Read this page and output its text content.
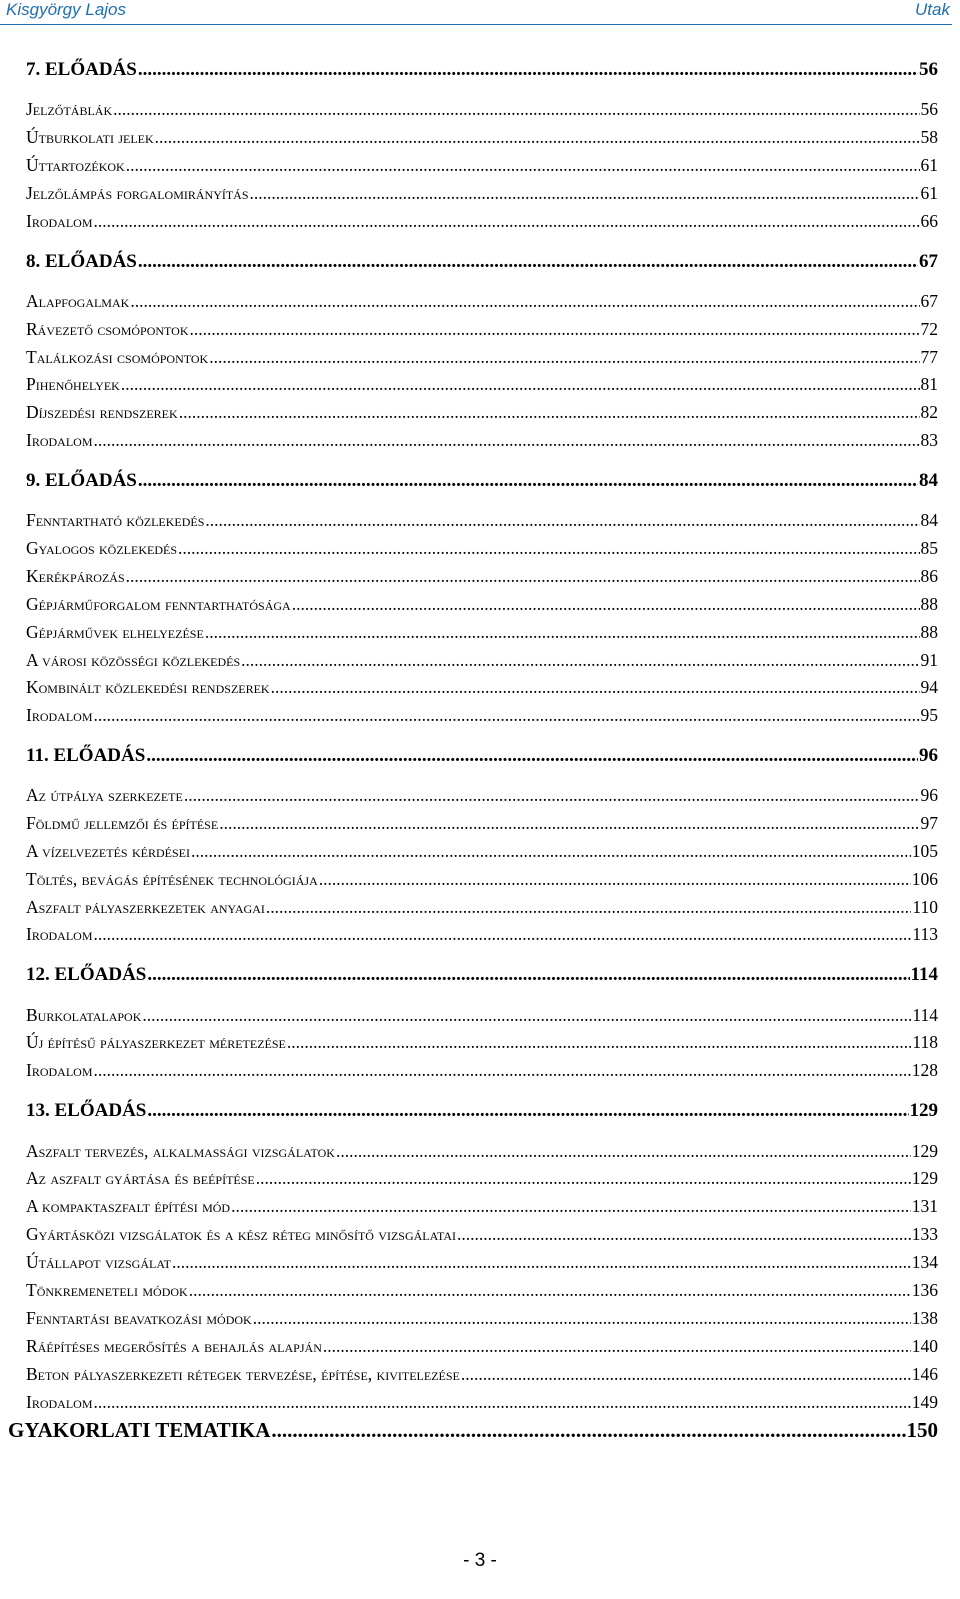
Kisgyörgy Lajos	Utak
7. ELŐADÁS .....	56
Jelzőtáblák .....	56
Útburkolati jelek .....	58
Úttartozékok .....	61
Jelzőlámpás forgalomirányítás .....	61
Irodalom .....	66
8. ELŐADÁS .....	67
Alapfogalmak .....	67
Rávezető csomópontok .....	72
Találkozási csomópontok .....	77
Pihenőhelyek .....	81
Díjszedési rendszerek .....	82
Irodalom .....	83
9. ELŐADÁS .....	84
Fenntartható közlekedés .....	84
Gyalogos közlekedés .....	85
Kerékpározás .....	86
Gépjárműforgalom fenntarthatósága .....	88
Gépjárművek elhelyezése .....	88
A városi közösségi közlekedés .....	91
Kombinált közlekedési rendszerek .....	94
Irodalom .....	95
11. ELŐADÁS .....	96
Az útpálya szerkezete .....	96
Földmű jellemzői és építése .....	97
A vízelvezetés kérdései .....	105
Töltés, bevágás építésének technológiája .....	106
Aszfalt pályaszerkezetek anyagai .....	110
Irodalom .....	113
12. ELŐADÁS .....	114
Burkolatalapok .....	114
Új építésű pályaszerkezet méretezése .....	118
Irodalom .....	128
13. ELŐADÁS .....	129
Aszfalt tervezés, alkalmassági vizsgálatok .....	129
Az aszfalt gyártása és beépítése .....	129
A kompaktaszfalt építési mód .....	131
Gyártásközi vizsgálatok és a kész réteg minősítő vizsgálatai .....	133
Útállapot vizsgálat .....	134
Tönkremeneteli módok .....	136
Fenntartási beavatkozási módok .....	138
Ráépítéses megerősítés a behajlás alapján .....	140
Beton pályaszerkezeti rétegek tervezése, építése, kivitelezése .....	146
Irodalom .....	149
GYAKORLATI TEMATIKA .....	150
- 3 -
